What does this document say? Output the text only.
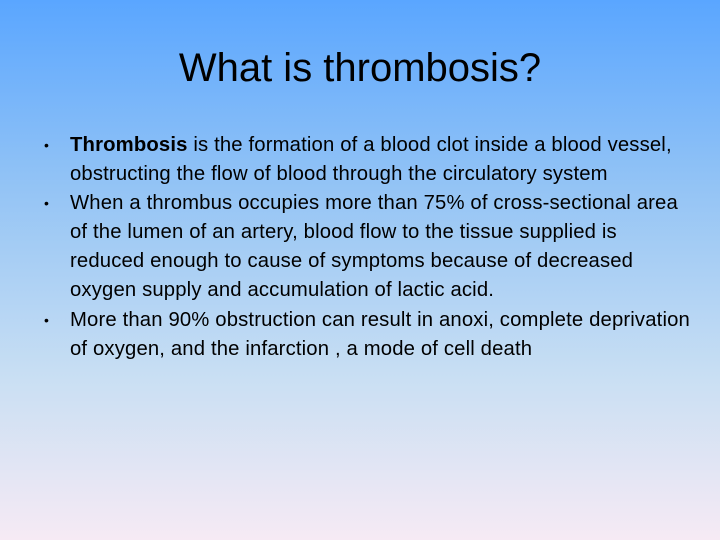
What is thrombosis?
•	Thrombosis is the formation of a blood clot inside a blood vessel, obstructing the flow of blood through the circulatory system
•	When a thrombus occupies more than 75% of cross-sectional area of the lumen of an artery, blood flow to the tissue supplied is reduced enough to cause of symptoms because of decreased oxygen supply and accumulation of lactic acid.
•	More than 90% obstruction can result in anoxi, complete deprivation of oxygen, and the infarction , a mode of cell death
